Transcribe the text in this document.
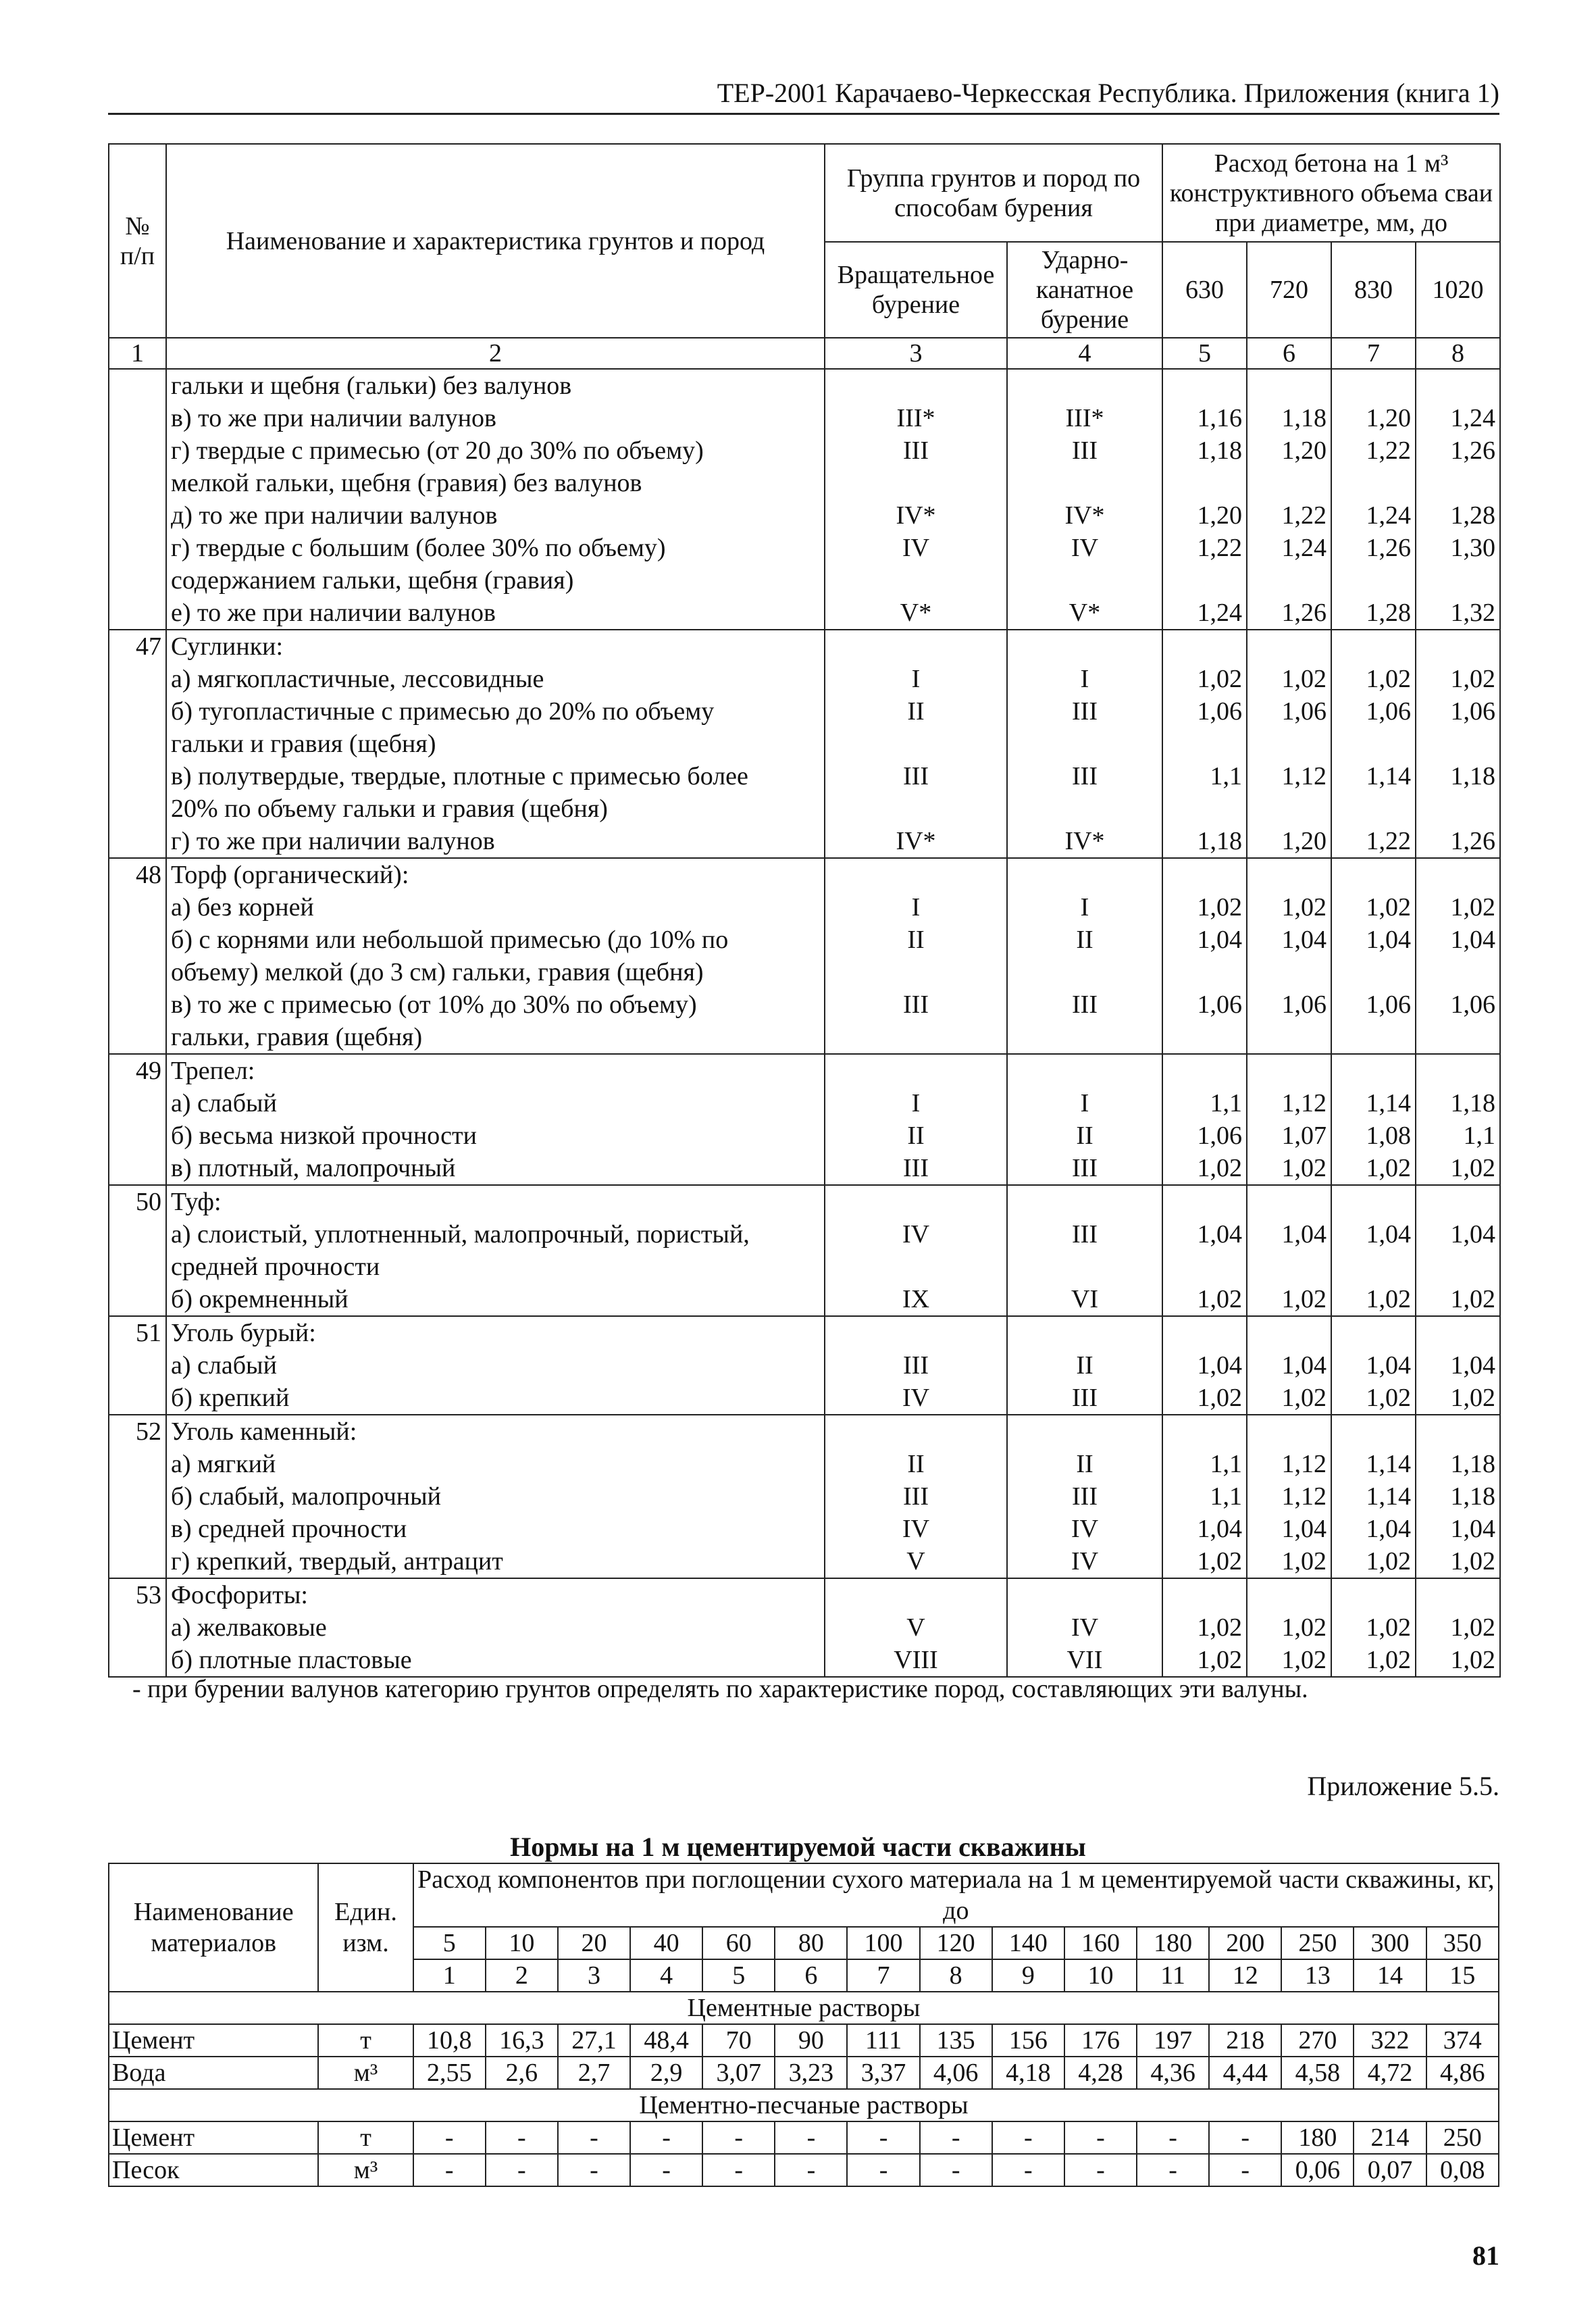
ТЕР-2001 Карачаево-Черкесская Республика. Приложения (книга 1)
№ п/п	Наименование и характеристика грунтов и пород	Группа грунтов и пород по способам бурения		Расход бетона на 1 м³ конструктивного объема сваи при диаметре, мм, до			
		Вращательное бурение	Ударно-канатное бурение	630	720	830	1020
1	2	3	4	5	6	7	8
	гальки и щебня (гальки) без валунов						
	в) то же при наличии валунов	III*	III*	1,16	1,18	1,20	1,24
	г) твердые с примесью (от 20 до 30% по объему)	III	III	1,18	1,20	1,22	1,26
	мелкой гальки, щебня (гравия) без валунов						
	д) то же при наличии валунов	IV*	IV*	1,20	1,22	1,24	1,28
	г) твердые с большим (более 30% по объему)	IV	IV	1,22	1,24	1,26	1,30
	содержанием гальки, щебня (гравия)						
	е) то же при наличии валунов	V*	V*	1,24	1,26	1,28	1,32
47	Суглинки:						
	а) мягкопластичные, лессовидные	I	I	1,02	1,02	1,02	1,02
	б) тугопластичные с примесью до 20% по объему	II	III	1,06	1,06	1,06	1,06
	гальки и гравия (щебня)						
	в) полутвердые, твердые, плотные с примесью более	III	III	1,1	1,12	1,14	1,18
	20% по объему гальки и гравия (щебня)						
	г) то же при наличии валунов	IV*	IV*	1,18	1,20	1,22	1,26
48	Торф (органический):						
	а) без корней	I	I	1,02	1,02	1,02	1,02
	б) с корнями или небольшой примесью (до 10% по	II	II	1,04	1,04	1,04	1,04
	объему) мелкой (до 3 см) гальки, гравия (щебня)						
	в) то же с примесью (от 10% до 30% по объему)	III	III	1,06	1,06	1,06	1,06
	гальки, гравия (щебня)						
49	Трепел:						
	а) слабый	I	I	1,1	1,12	1,14	1,18
	б) весьма низкой прочности	II	II	1,06	1,07	1,08	1,1
	в) плотный, малопрочный	III	III	1,02	1,02	1,02	1,02
50	Туф:						
	а) слоистый, уплотненный, малопрочный, пористый,	IV	III	1,04	1,04	1,04	1,04
	средней прочности						
	б) окремненный	IX	VI	1,02	1,02	1,02	1,02
51	Уголь бурый:						
	а) слабый	III	II	1,04	1,04	1,04	1,04
	б) крепкий	IV	III	1,02	1,02	1,02	1,02
52	Уголь каменный:						
	а) мягкий	II	II	1,1	1,12	1,14	1,18
	б) слабый, малопрочный	III	III	1,1	1,12	1,14	1,18
	в) средней прочности	IV	IV	1,04	1,04	1,04	1,04
	г) крепкий, твердый, антрацит	V	IV	1,02	1,02	1,02	1,02
53	Фосфориты:						
	а) желваковые	V	IV	1,02	1,02	1,02	1,02
	б) плотные пластовые	VIII	VII	1,02	1,02	1,02	1,02
- при бурении валунов категорию грунтов определять по характеристике пород, составляющих эти валуны.
Приложение 5.5.
Нормы на 1 м цементируемой части скважины
Наименование материалов	Един. изм.	Расход компонентов при поглощении сухого материала на 1 м цементируемой части скважины, кг, до														
		5	10	20	40	60	80	100	120	140	160	180	200	250	300	350
		1	2	3	4	5	6	7	8	9	10	11	12	13	14	15
Цементные растворы																
Цемент	т	10,8	16,3	27,1	48,4	70	90	111	135	156	176	197	218	270	322	374
Вода	м³	2,55	2,6	2,7	2,9	3,07	3,23	3,37	4,06	4,18	4,28	4,36	4,44	4,58	4,72	4,86
Цементно-песчаные растворы																
Цемент	т	-	-	-	-	-	-	-	-	-	-	-	-	180	214	250
Песок	м³	-	-	-	-	-	-	-	-	-	-	-	-	0,06	0,07	0,08
81
